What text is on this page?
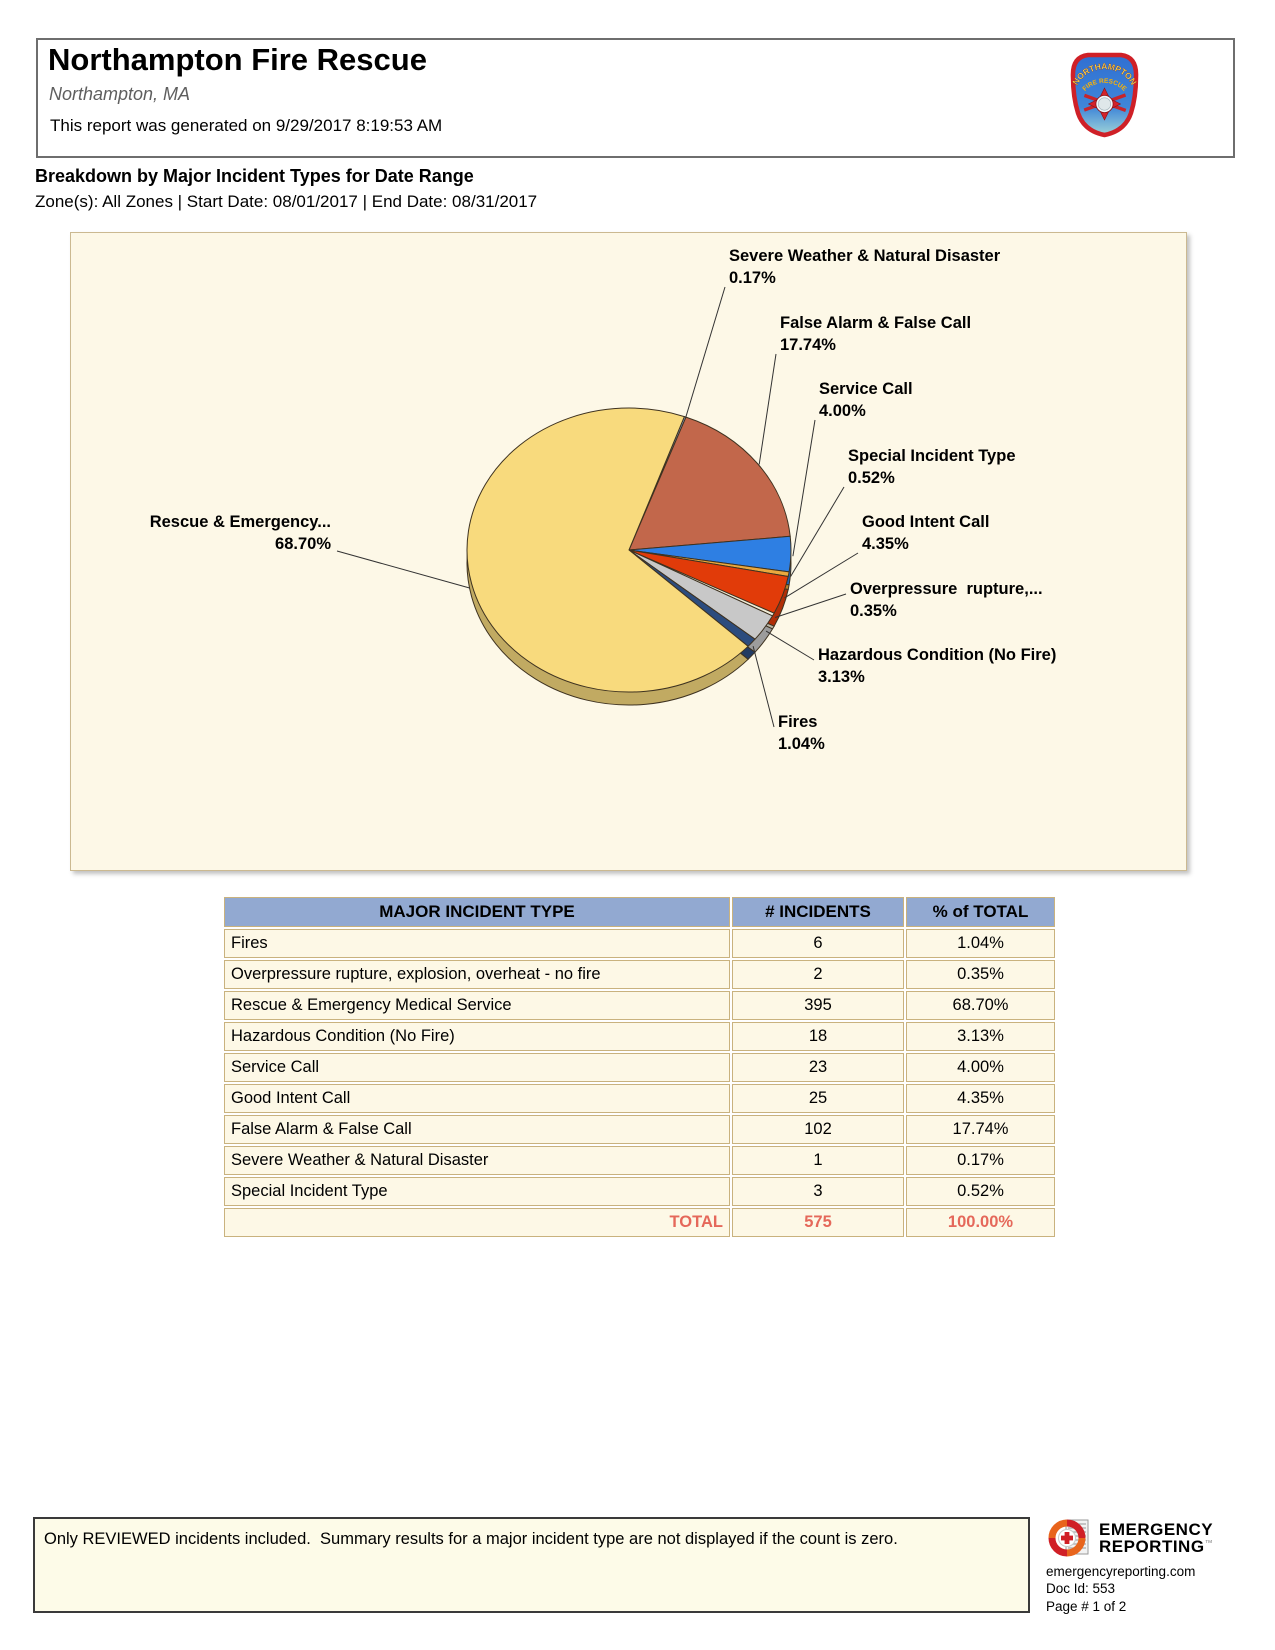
Northampton Fire Rescue
Northampton, MA
This report was generated on 9/29/2017 8:19:53 AM
NORTHAMPTON
FIRE RESCUE
Breakdown by Major Incident Types for Date Range
Zone(s): All Zones | Start Date: 08/01/2017 | End Date: 08/31/2017
Severe Weather & Natural Disaster
0.17%
False Alarm & False Call
17.74%
Service Call
4.00%
Special Incident Type
0.52%
Good Intent Call
4.35%
Overpressure  rupture,...
0.35%
Hazardous Condition (No Fire)
3.13%
Fires
1.04%
Rescue & Emergency...
68.70%
MAJOR INCIDENT TYPE	# INCIDENTS	% of TOTAL
Fires	6	1.04%
Overpressure rupture, explosion, overheat - no fire	2	0.35%
Rescue & Emergency Medical Service	395	68.70%
Hazardous Condition (No Fire)	18	3.13%
Service Call	23	4.00%
Good Intent Call	25	4.35%
False Alarm & False Call	102	17.74%
Severe Weather & Natural Disaster	1	0.17%
Special Incident Type	3	0.52%
TOTAL	575	100.00%
Only REVIEWED incidents included.  Summary results for a major incident type are not displayed if the count is zero.	EMERGENCY
REPORTING™
emergencyreporting.com
Doc Id: 553
Page # 1 of 2
